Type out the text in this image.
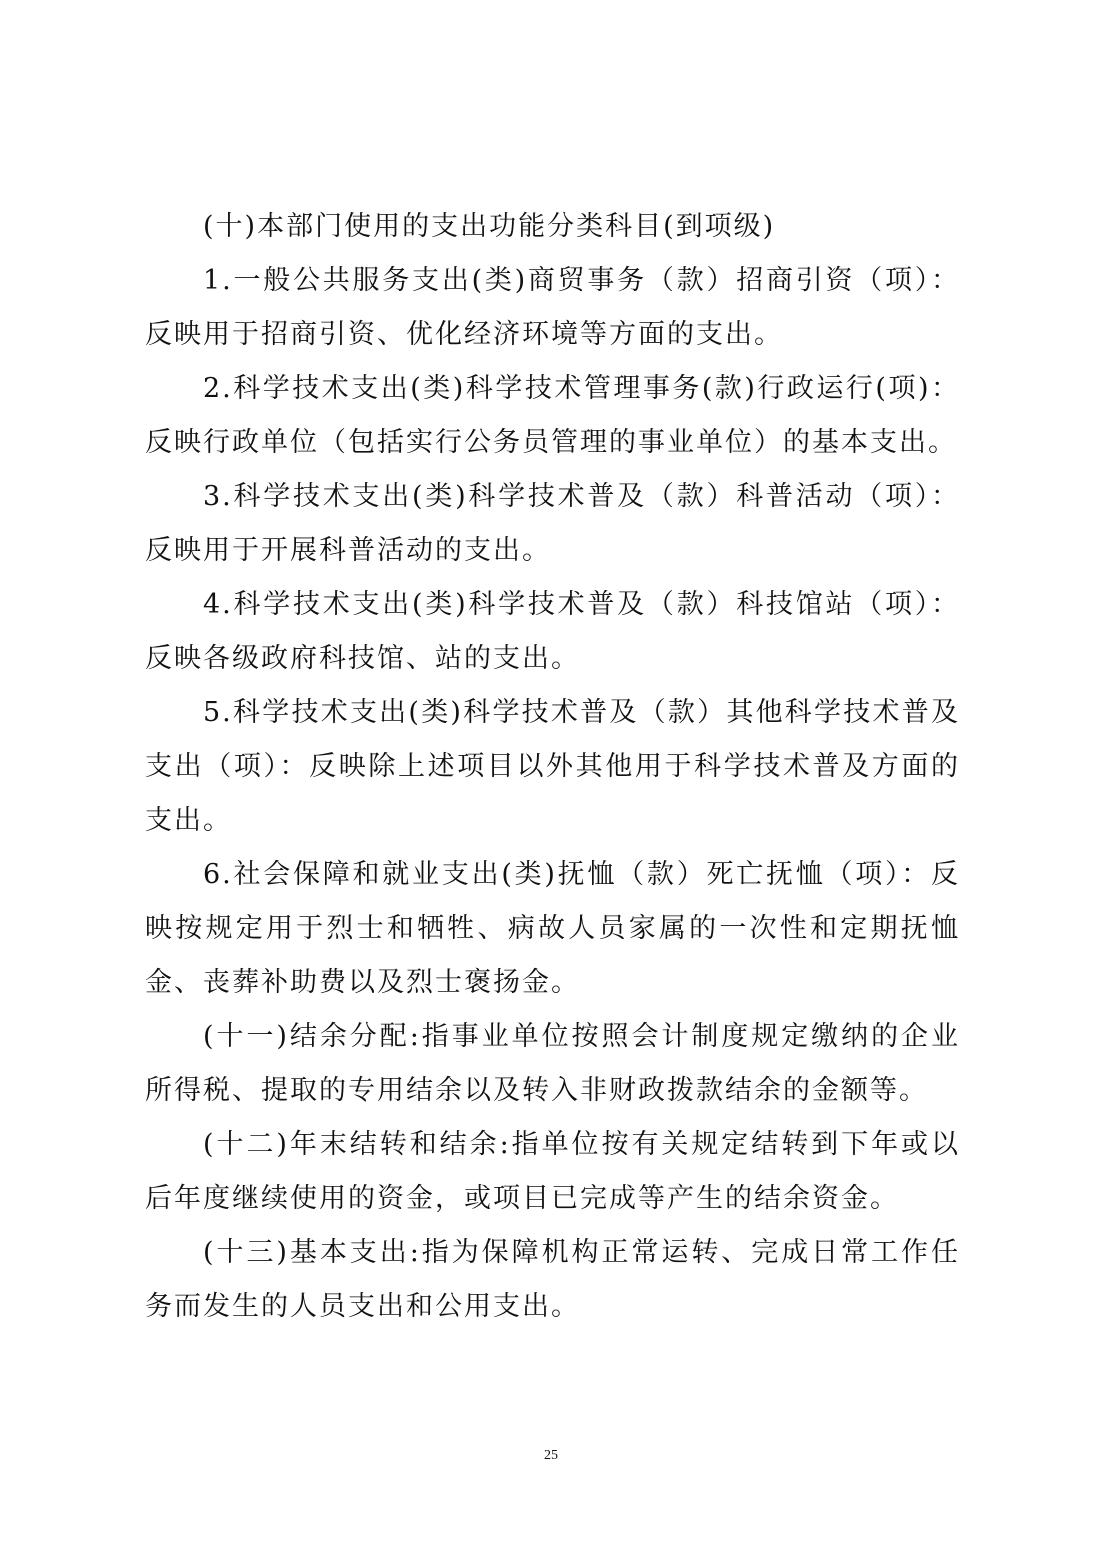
(十)本部门使用的支出功能分类科目(到项级)

1.一般公共服务支出(类)商贸事务（款）招商引资（项）：反映用于招商引资、优化经济环境等方面的支出。

2.科学技术支出(类)科学技术管理事务(款)行政运行(项)：反映行政单位（包括实行公务员管理的事业单位）的基本支出。

3.科学技术支出(类)科学技术普及（款）科普活动（项）：反映用于开展科普活动的支出。

4.科学技术支出(类)科学技术普及（款）科技馆站（项）：反映各级政府科技馆、站的支出。

5.科学技术支出(类)科学技术普及（款）其他科学技术普及支出（项）：反映除上述项目以外其他用于科学技术普及方面的支出。

6.社会保障和就业支出(类)抚恤（款）死亡抚恤（项）：反映按规定用于烈士和牺牲、病故人员家属的一次性和定期抚恤金、丧葬补助费以及烈士褒扬金。

(十一)结余分配:指事业单位按照会计制度规定缴纳的企业所得税、提取的专用结余以及转入非财政拨款结余的金额等。

(十二)年末结转和结余:指单位按有关规定结转到下年或以后年度继续使用的资金，或项目已完成等产生的结余资金。

(十三)基本支出:指为保障机构正常运转、完成日常工作任务而发生的人员支出和公用支出。

25
